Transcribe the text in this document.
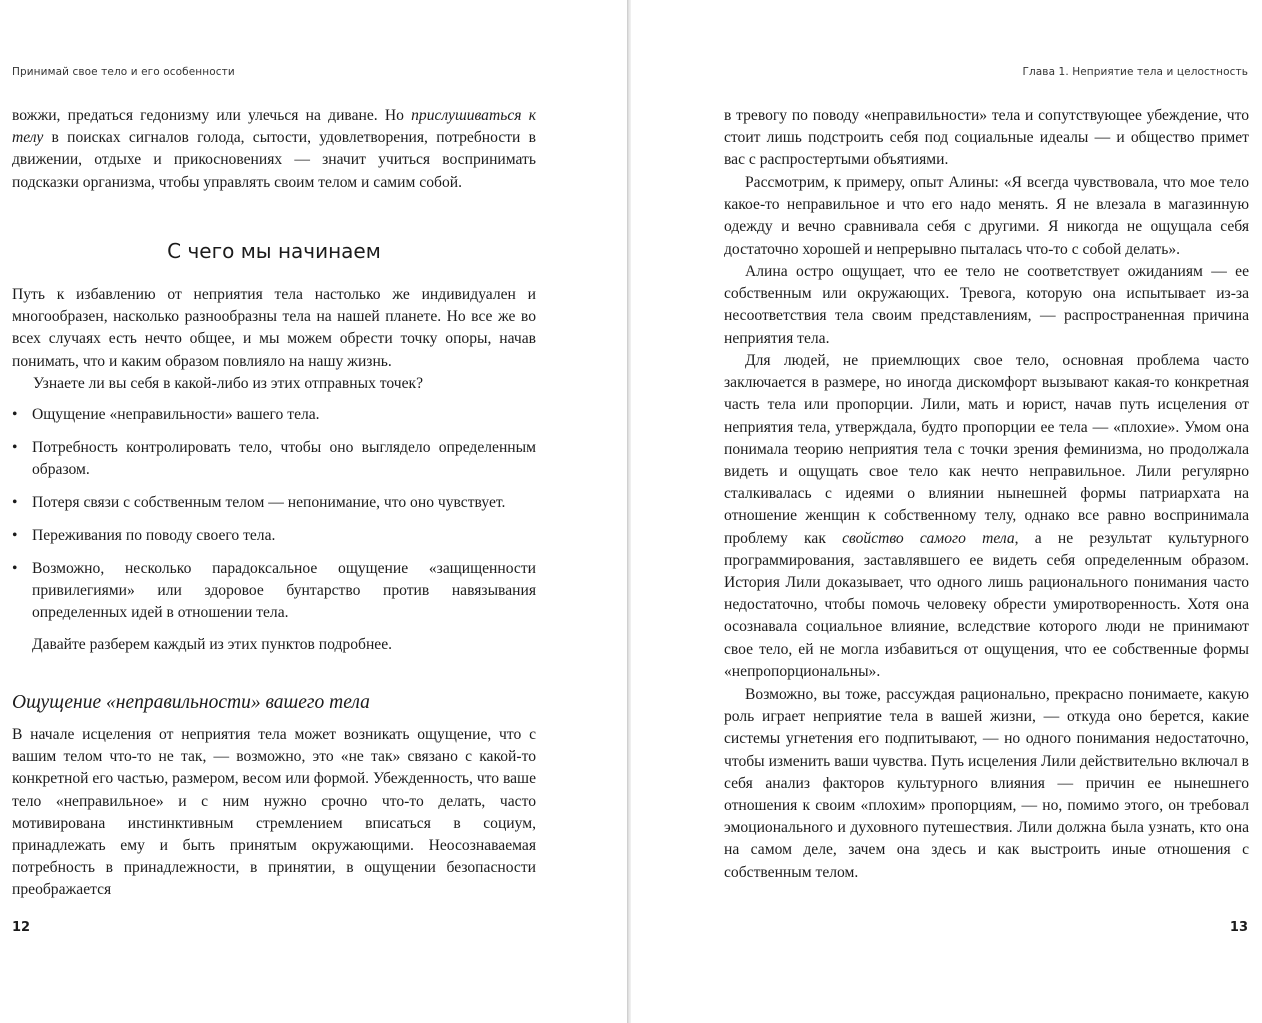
Принимай свое тело и его особенности

вожжи, предаться гедонизму или улечься на диване. Но прислушиваться к телу в поисках сигналов голода, сытости, удовлетворения, потребности в движении, отдыхе и прикосновениях — значит учиться воспринимать подсказки организма, чтобы управлять своим телом и самим собой.

С чего мы начинаем

Путь к избавлению от неприятия тела настолько же индивидуален и многообразен, насколько разнообразны тела на нашей планете. Но все же во всех случаях есть нечто общее, и мы можем обрести точку опоры, начав понимать, что и каким образом повлияло на нашу жизнь.

Узнаете ли вы себя в какой-либо из этих отправных точек?

• Ощущение «неправильности» вашего тела.
• Потребность контролировать тело, чтобы оно выглядело определенным образом.
• Потеря связи с собственным телом — непонимание, что оно чувствует.
• Переживания по поводу своего тела.
• Возможно, несколько парадоксальное ощущение «защищенности привилегиями» или здоровое бунтарство против навязывания определенных идей в отношении тела.

Давайте разберем каждый из этих пунктов подробнее.

Ощущение «неправильности» вашего тела

В начале исцеления от неприятия тела может возникать ощущение, что с вашим телом что-то не так, — возможно, это «не так» связано с какой-то конкретной его частью, размером, весом или формой. Убежденность, что ваше тело «неправильное» и с ним нужно срочно что-то делать, часто мотивирована инстинктивным стремлением вписаться в социум, принадлежать ему и быть принятым окружающими. Неосознаваемая потребность в принадлежности, в принятии, в ощущении безопасности преображается

12
Глава 1. Неприятие тела и целостность

в тревогу по поводу «неправильности» тела и сопутствующее убеждение, что стоит лишь подстроить себя под социальные идеалы — и общество примет вас с распростертыми объятиями.

Рассмотрим, к примеру, опыт Алины: «Я всегда чувствовала, что мое тело какое-то неправильное и что его надо менять. Я не влезала в магазинную одежду и вечно сравнивала себя с другими. Я никогда не ощущала себя достаточно хорошей и непрерывно пыталась что-то с собой делать».

Алина остро ощущает, что ее тело не соответствует ожиданиям — ее собственным или окружающих. Тревога, которую она испытывает из-за несоответствия тела своим представлениям, — распространенная причина неприятия тела.

Для людей, не приемлющих свое тело, основная проблема часто заключается в размере, но иногда дискомфорт вызывают какая-то конкретная часть тела или пропорции. Лили, мать и юрист, начав путь исцеления от неприятия тела, утверждала, будто пропорции ее тела — «плохие». Умом она понимала теорию неприятия тела с точки зрения феминизма, но продолжала видеть и ощущать свое тело как нечто неправильное. Лили регулярно сталкивалась с идеями о влиянии нынешней формы патриархата на отношение женщин к собственному телу, однако все равно воспринимала проблему как свойство самого тела, а не результат культурного программирования, заставлявшего ее видеть себя определенным образом. История Лили доказывает, что одного лишь рационального понимания часто недостаточно, чтобы помочь человеку обрести умиротворенность. Хотя она осознавала социальное влияние, вследствие которого люди не принимают свое тело, ей не могла избавиться от ощущения, что ее собственные формы «непропорциональны».

Возможно, вы тоже, рассуждая рационально, прекрасно понимаете, какую роль играет неприятие тела в вашей жизни, — откуда оно берется, какие системы угнетения его подпитывают, — но одного понимания недостаточно, чтобы изменить ваши чувства. Путь исцеления Лили действительно включал в себя анализ факторов культурного влияния — причин ее нынешнего отношения к своим «плохим» пропорциям, — но, помимо этого, он требовал эмоционального и духовного путешествия. Лили должна была узнать, кто она на самом деле, зачем она здесь и как выстроить иные отношения с собственным телом.

13
